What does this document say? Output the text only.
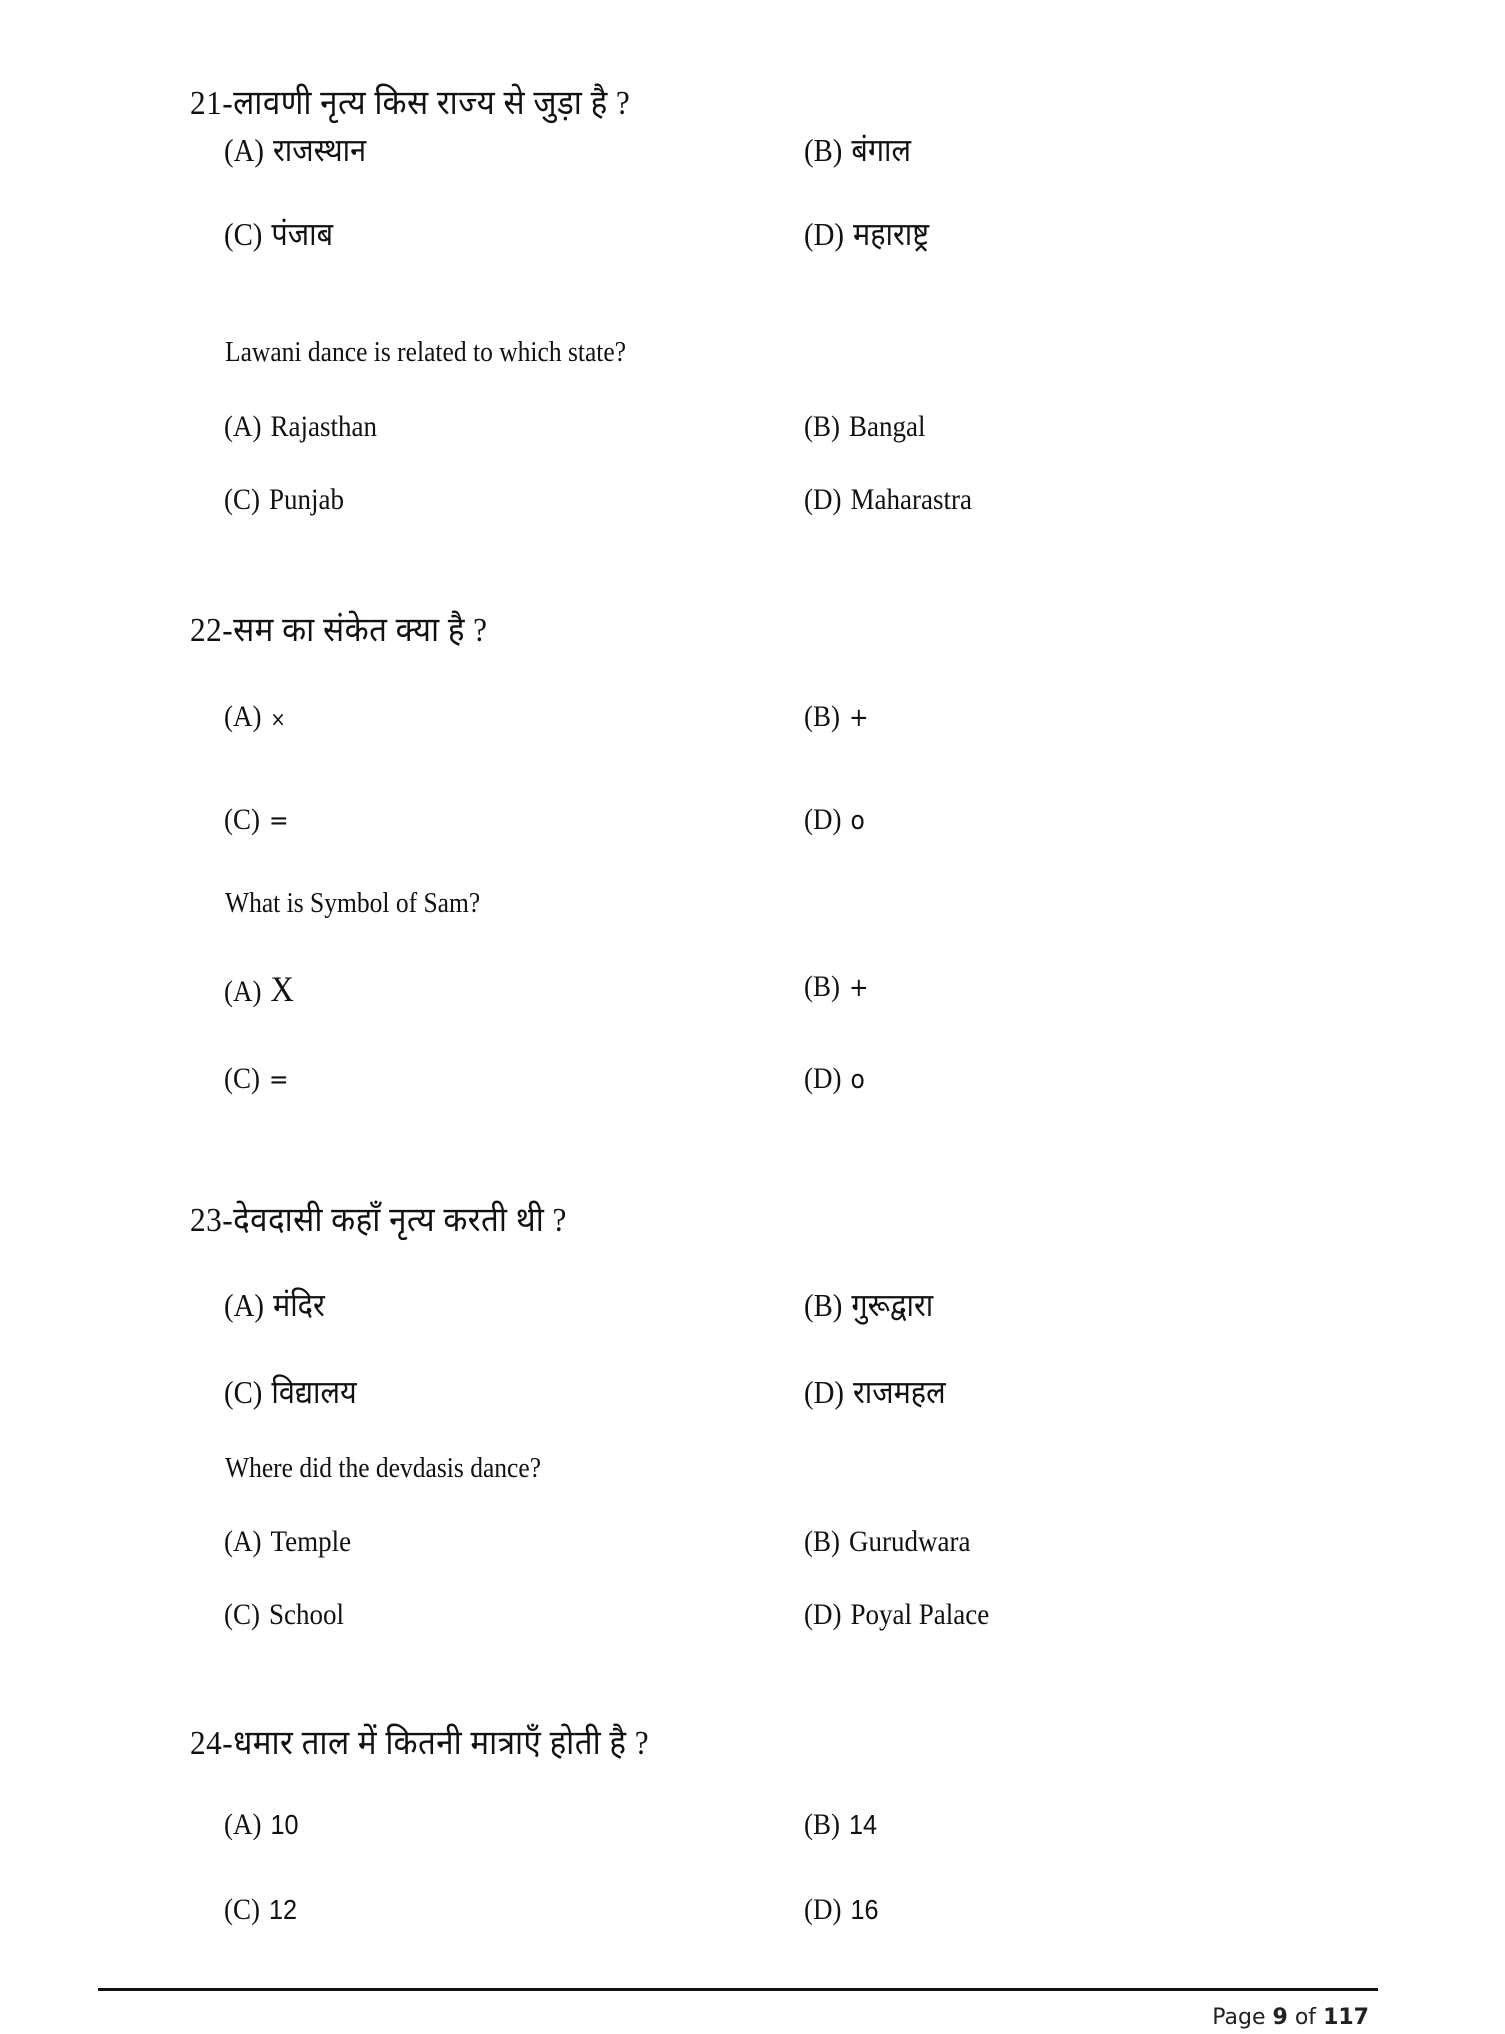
21-लावणी नृत्य किस राज्य से जुड़ा है ?
(A) राजस्थान	(B) बंगाल
(C) पंजाब	(D) महाराष्ट्र
Lawani dance is related to which state?
(A) Rajasthan	(B) Bangal
(C) Punjab	(D) Maharastra
22-सम का संकेत क्या है ?
(A) ×	(B) +
(C) =	(D) o
What is Symbol of Sam?
(A) X	(B) +
(C) =	(D) o
23-देवदासी कहाँ नृत्य करती थी ?
(A) मंदिर	(B) गुरूद्वारा
(C) विद्यालय	(D) राजमहल
Where did the devdasis dance?
(A) Temple	(B) Gurudwara
(C) School	(D) Poyal Palace
24-धमार ताल में कितनी मात्राएँ होती है ?
(A) 10	(B) 14
(C) 12	(D) 16
Page 9 of 117
